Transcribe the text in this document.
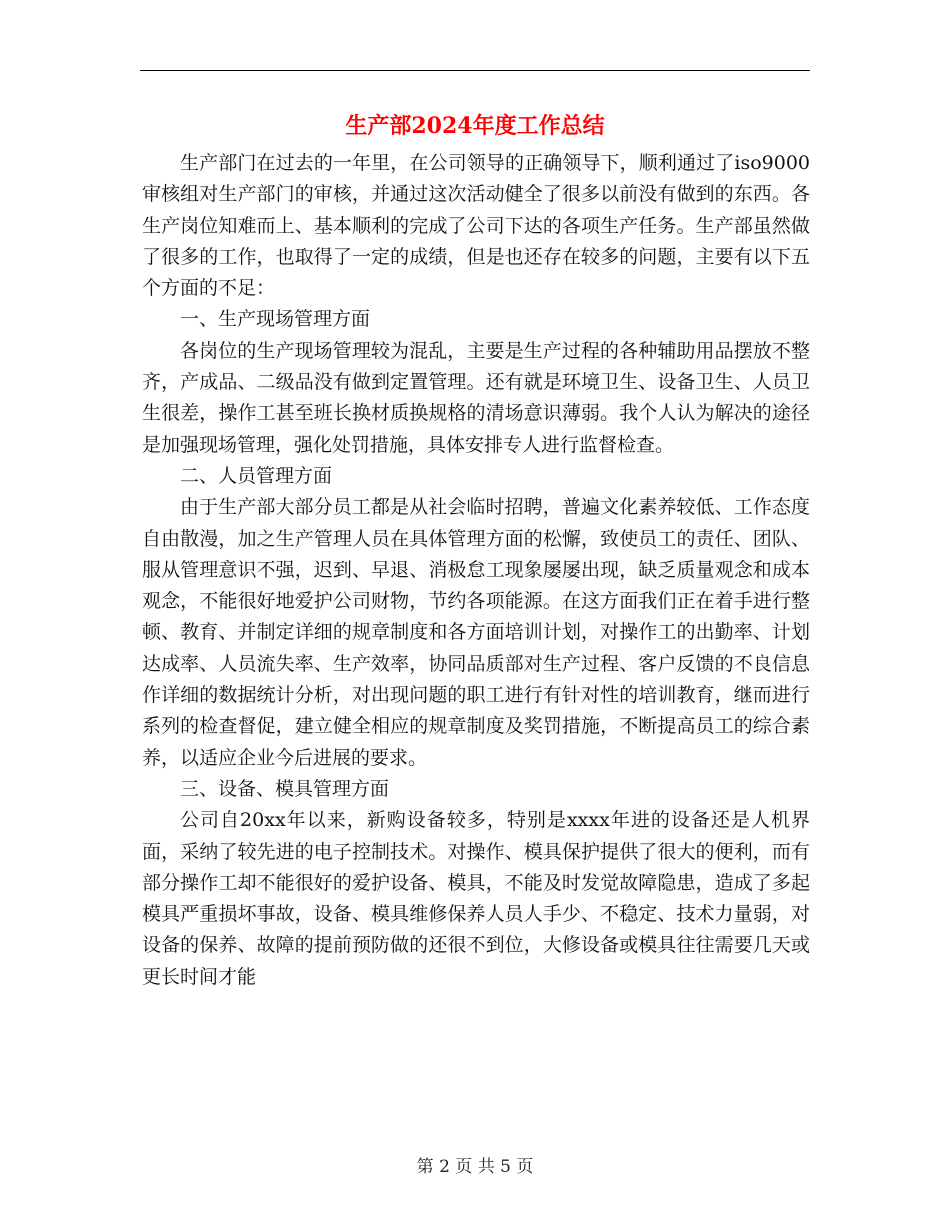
生产部2024年度工作总结

生产部门在过去的一年里，在公司领导的正确领导下，顺利通过了iso9000审核组对生产部门的审核，并通过这次活动健全了很多以前没有做到的东西。各生产岗位知难而上、基本顺利的完成了公司下达的各项生产任务。生产部虽然做了很多的工作，也取得了一定的成绩，但是也还存在较多的问题，主要有以下五个方面的不足：

一、生产现场管理方面

各岗位的生产现场管理较为混乱，主要是生产过程的各种辅助用品摆放不整齐，产成品、二级品没有做到定置管理。还有就是环境卫生、设备卫生、人员卫生很差，操作工甚至班长换材质换规格的清场意识薄弱。我个人认为解决的途径是加强现场管理，强化处罚措施，具体安排专人进行监督检查。

二、人员管理方面

由于生产部大部分员工都是从社会临时招聘，普遍文化素养较低、工作态度自由散漫，加之生产管理人员在具体管理方面的松懈，致使员工的责任、团队、服从管理意识不强，迟到、早退、消极怠工现象屡屡出现，缺乏质量观念和成本观念，不能很好地爱护公司财物，节约各项能源。在这方面我们正在着手进行整顿、教育、并制定详细的规章制度和各方面培训计划，对操作工的出勤率、计划达成率、人员流失率、生产效率，协同品质部对生产过程、客户反馈的不良信息作详细的数据统计分析，对出现问题的职工进行有针对性的培训教育，继而进行系列的检查督促，建立健全相应的规章制度及奖罚措施，不断提高员工的综合素养，以适应企业今后进展的要求。

三、设备、模具管理方面

公司自20xx年以来，新购设备较多，特别是xxxx年进的设备还是人机界面，采纳了较先进的电子控制技术。对操作、模具保护提供了很大的便利，而有部分操作工却不能很好的爱护设备、模具，不能及时发觉故障隐患，造成了多起模具严重损坏事故，设备、模具维修保养人员人手少、不稳定、技术力量弱，对设备的保养、故障的提前预防做的还很不到位，大修设备或模具往往需要几天或更长时间才能

第 2 页 共 5 页
